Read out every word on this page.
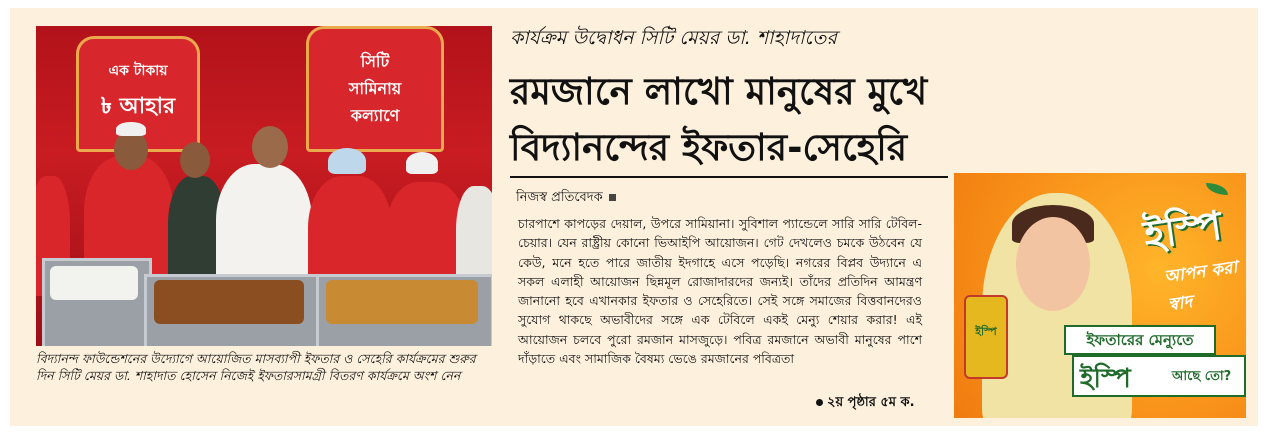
এক টাকায়
৳ আহার
সিটি
সামিনায়
কল্যাণে
বিদ্যানন্দ ফাউন্ডেশনের উদ্যোগে আয়োজিত মাসব্যাপী ইফতার ও সেহেরি কার্যক্রমের শুরুর দিন সিটি মেয়র ডা. শাহাদাত হোসেন নিজেই ইফতারসামগ্রী বিতরণ কার্যক্রমে অংশ নেন
কার্যক্রম উদ্বোধন সিটি মেয়র ডা. শাহাদাতের
রমজানে লাখো মানুষের মুখে
বিদ্যানন্দের ইফতার-সেহেরি
নিজস্ব প্রতিবেদক
চারপাশে কাপড়ের দেয়াল, উপরে সামিয়ানা। সুবিশাল প্যান্ডেলে সারি সারি টেবিল-চেয়ার। যেন রাষ্ট্রীয় কোনো ভিআইপি আয়োজন। গেট দেখলেও চমকে উঠবেন যে কেউ, মনে হতে পারে জাতীয় ইদগাহে এসে পড়েছি। নগরের বিপ্লব উদ্যানে এ সকল এলাহী আয়োজন ছিন্নমূল রোজাদারদের জন্যই। তাঁদের প্রতিদিন আমন্ত্রণ জানানো হবে এখানকার ইফতার ও সেহেরিতে। সেই সঙ্গে সমাজের বিত্তবানদেরও সুযোগ থাকছে অভাবীদের সঙ্গে এক টেবিলে একই মেন্যু শেয়ার করার! এই আয়োজন চলবে পুরো রমজান মাসজুড়ে। পবিত্র রমজানে অভাবী মানুষের পাশে দাঁড়াতে এবং সামাজিক বৈষম্য ভেঙে রমজানের পবিত্রতা
২য় পৃষ্ঠার ৫ম ক.
ইস্পি
ইস্পি
আপন করা স্বাদ
ইফতারের মেন্যুতে
ইস্পি	আছে তো?
